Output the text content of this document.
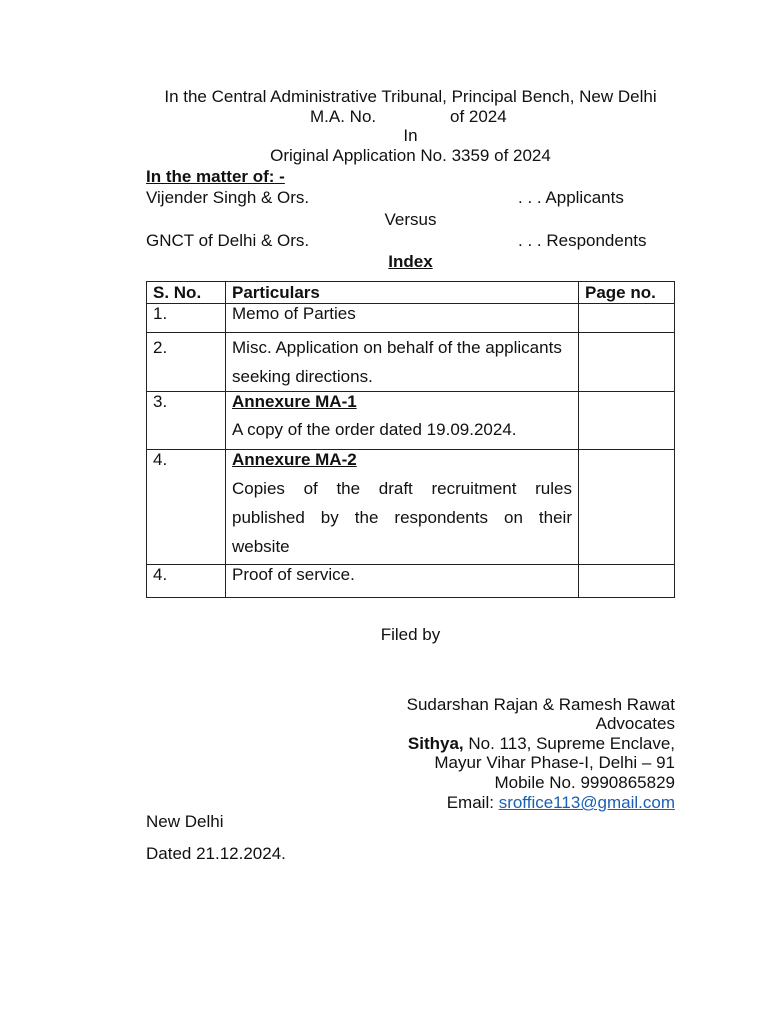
In the Central Administrative Tribunal, Principal Bench, New Delhi
M.A. No.	of 2024
In
Original Application No. 3359 of 2024
In the matter of: -
Vijender Singh & Ors.	. . . Applicants
Versus
GNCT of Delhi & Ors.	. . . Respondents
Index
S. No.	Particulars	Page no.
1.	Memo of Parties	
2.	Misc. Application on behalf of the applicants seeking directions.	
3.	Annexure MA-1
A copy of the order dated 19.09.2024.	

4.	Annexure MA-2
Copies of the draft recruitment rules published by the respondents on their website	

4.	Proof of service.	
Filed by
Sudarshan Rajan & Ramesh Rawat
Advocates
Sithya, No. 113, Supreme Enclave,
Mayur Vihar Phase-I, Delhi – 91
Mobile No. 9990865829
Email: sroffice113@gmail.com
New Delhi
Dated 21.12.2024.
